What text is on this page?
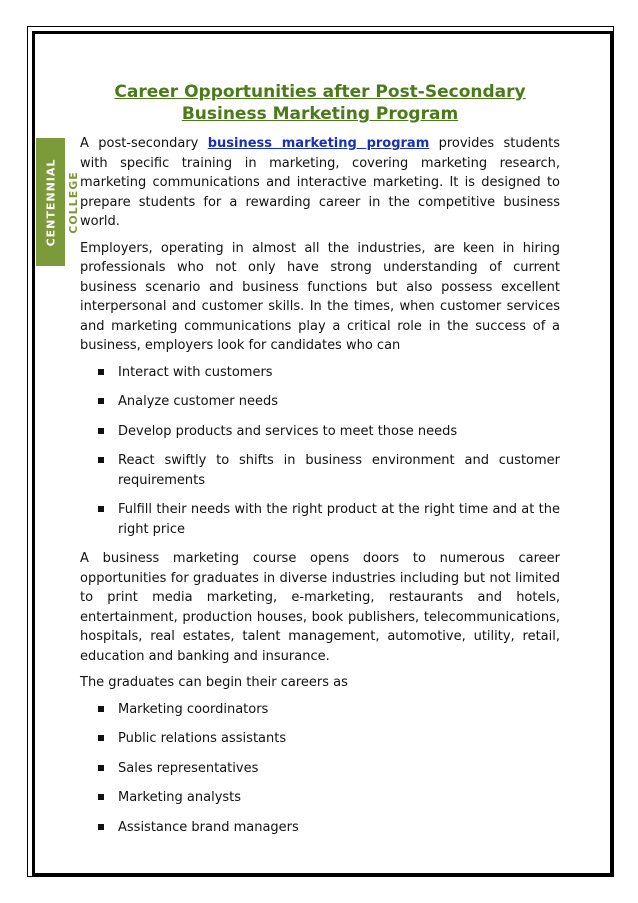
Career Opportunities after Post-Secondary
Business Marketing Program
CENTENNIAL COLLEGE

A post-secondary business marketing program provides students with specific training in marketing, covering marketing research, marketing communications and interactive marketing. It is designed to prepare students for a rewarding career in the competitive business world.

Employers, operating in almost all the industries, are keen in hiring professionals who not only have strong understanding of current business scenario and business functions but also possess excellent interpersonal and customer skills. In the times, when customer services and marketing communications play a critical role in the success of a business, employers look for candidates who can

Interact with customers
Analyze customer needs
Develop products and services to meet those needs
React swiftly to shifts in business environment and customer requirements
Fulfill their needs with the right product at the right time and at the right price

A business marketing course opens doors to numerous career opportunities for graduates in diverse industries including but not limited to print media marketing, e-marketing, restaurants and hotels, entertainment, production houses, book publishers, telecommunications, hospitals, real estates, talent management, automotive, utility, retail, education and banking and insurance.

The graduates can begin their careers as

Marketing coordinators
Public relations assistants
Sales representatives
Marketing analysts
Assistance brand managers
